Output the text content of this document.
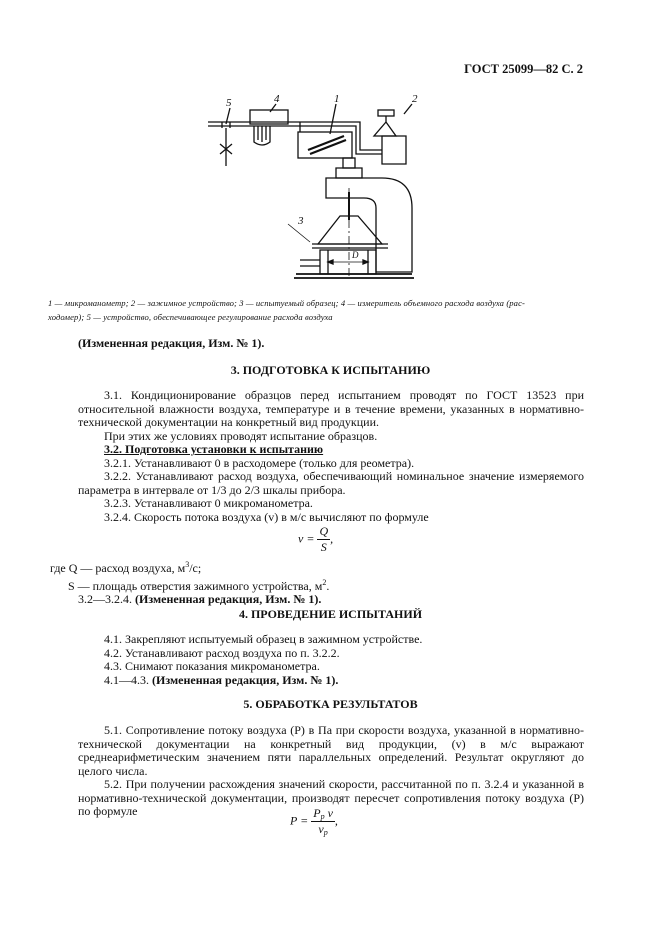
ГОСТ 25099—82 С. 2
5	4	1	2
3
D
1 — микроманометр; 2 — зажимное устройство; 3 — испытуемый образец; 4 — измеритель объемного расхода воздуха (рас-
ходомер); 5 — устройство, обеспечивающее регулирование расхода воздуха
(Измененная редакция, Изм. № 1).
3. ПОДГОТОВКА К ИСПЫТАНИЮ

3.1. Кондиционирование образцов перед испытанием проводят по ГОСТ 13523 при относительной влажности воздуха, температуре и в течение времени, указанных в нормативно-технической документации на конкретный вид продукции.

При этих же условиях проводят испытание образцов.

3.2. Подготовка установки к испытанию

3.2.1. Устанавливают 0 в расходомере (только для реометра).

3.2.2. Устанавливают расход воздуха, обеспечивающий номинальное значение измеряемого параметра в интервале от 1/3 до 2/3 шкалы прибора.

3.2.3. Устанавливают 0 микроманометра.

3.2.4. Скорость потока воздуха (v) в м/с вычисляют по формуле

$v = \frac{Q}{S}$ ,

где Q — расход воздуха, $м^3/с$;

S — площадь отверстия зажимного устройства, $м^2$.

3.2—3.2.4. (Измененная редакция, Изм. № 1).

4. ПРОВЕДЕНИЕ ИСПЫТАНИЙ

4.1. Закрепляют испытуемый образец в зажимном устройстве.

4.2. Устанавливают расход воздуха по п. 3.2.2.

4.3. Снимают показания микроманометра.

4.1—4.3. (Измененная редакция, Изм. № 1).

5. ОБРАБОТКА РЕЗУЛЬТАТОВ

5.1. Сопротивление потоку воздуха (P) в Па при скорости воздуха, указанной в нормативно-технической документации на конкретный вид продукции, (v) в м/с выражают среднеарифметическим значением пяти параллельных определений. Результат округляют до целого числа.

5.2. При получении расхождения значений скорости, рассчитанной по п. 3.2.4 и указанной в нормативно-технической документации, производят пересчет сопротивления потоку воздуха (P) по формуле

$P = \frac{P_p v}{v_p}$ ,
